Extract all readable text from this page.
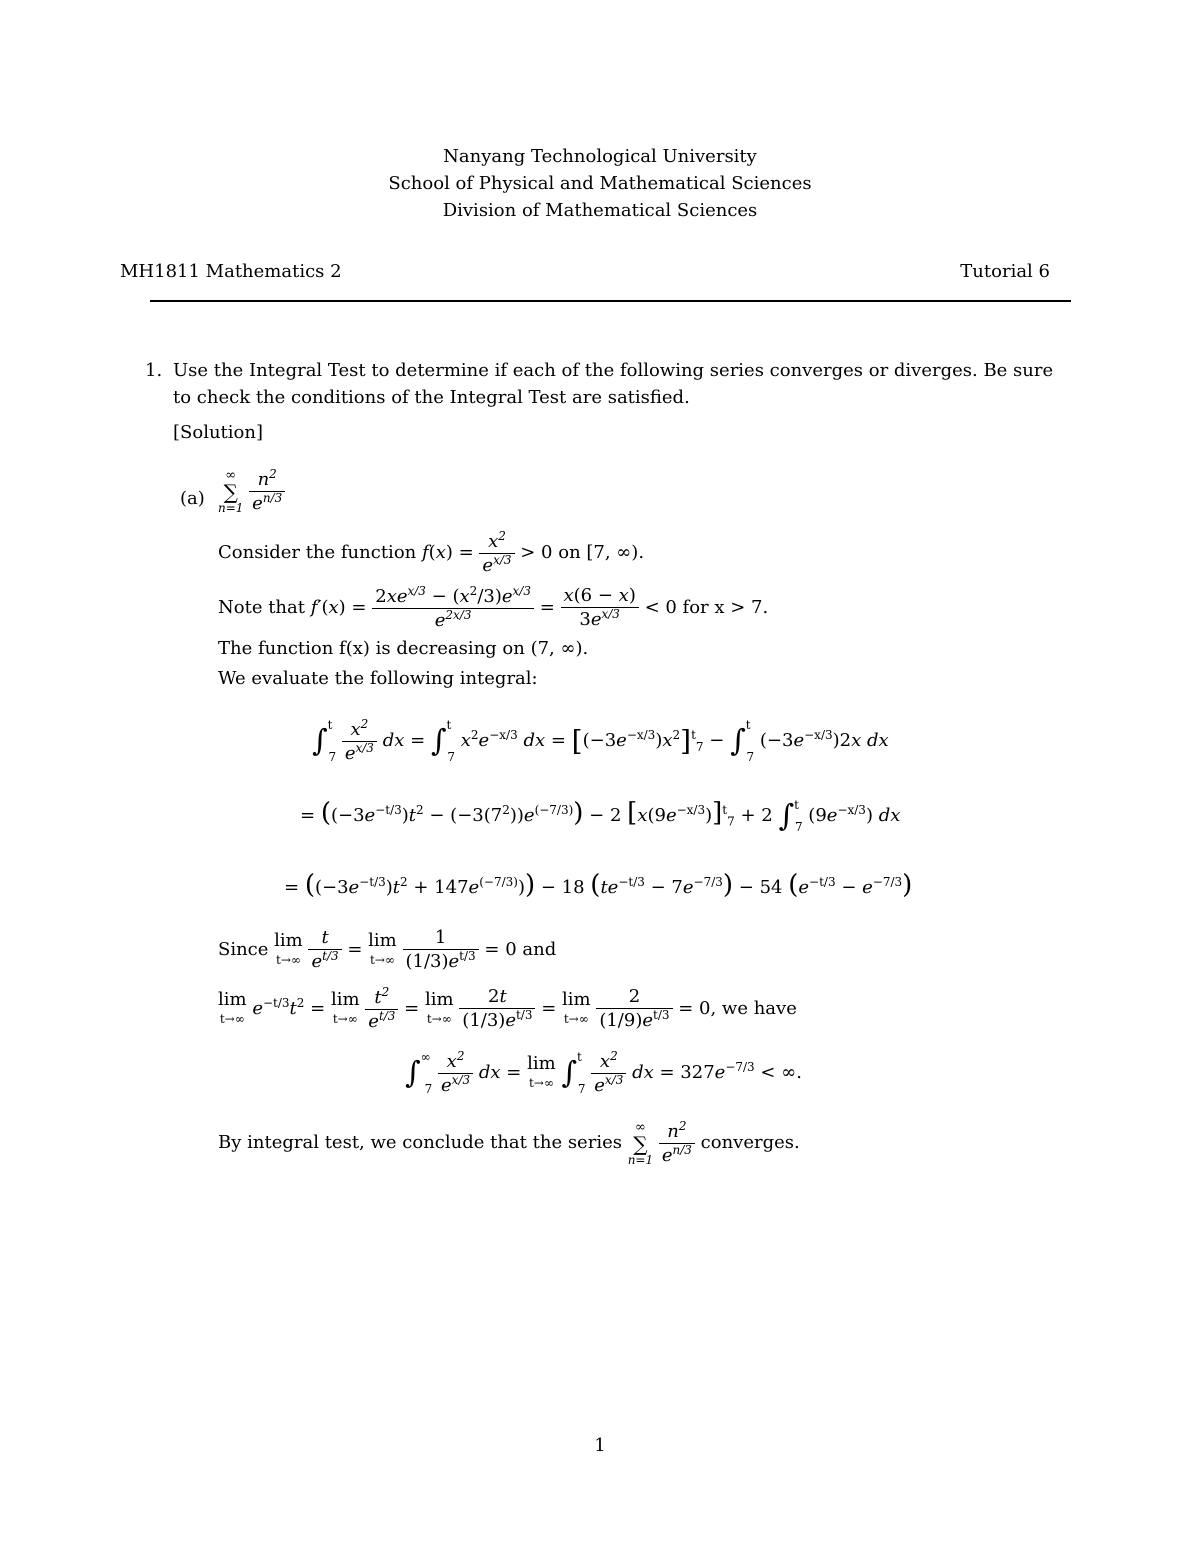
Nanyang Technological University
School of Physical and Mathematical Sciences
Division of Mathematical Sciences
MH1811 Mathematics 2	Tutorial 6
1. Use the Integral Test to determine if each of the following series converges or diverges. Be sure
to check the conditions of the Integral Test are satisfied.
[Solution]
(a)
∞
∑
n=1
$\frac{n^2}{e^{n/3}}$
Consider the function $f(x) = \frac{x^2}{e^{x/3}} > 0$ on [7, ∞).
Note that $f'(x) = \frac{2xe^{x/3} - (x^2/3)e^{x/3}}{e^{2x/3}} = \frac{x(6 - x)}{3e^{x/3}} < 0$ for x > 7.
The function f(x) is decreasing on (7, ∞).
We evaluate the following integral:
$\int^t7 \frac{x^2}{e^{x/3}}$ dx = ∫$^t$7 $x^2e^{-x/3}$ dx = $[(-3e^{-x/3})x^2]^t_7 - \int^t7$ $(-3e^{-x/3})2x$ dx
= $((-3e^{-t/3})t^2 - (-3(7^2))e^{(-7/3)}) - 2$ $[x(9e^{-x/3})]^t_7 + 2$ ∫$^t$7 $(9e^{-x/3})$ dx
= $((-3e^{-t/3})t^2 + 147e^{(-7/3)})) - 18$ $(te^{-t/3} - 7e^{-7/3}) - 54$ $(e^{-t/3} - e^{-7/3})$
Since lim
$t\to\infty \frac{t}{e^{t/3}} = \lim$
$t\to\infty \frac{1}{(1/3)e^{t/3}} = 0$ and
lim
t→∞ $e^{-t/3}t^2 = \lim$
$t\to\infty \frac{t^2}{e^{t/3}} = \lim$
$t\to\infty \frac{2t}{(1/3)e^{t/3}} = \lim$
$t\to\infty \frac{2}{(1/9)e^{t/3}} = 0$, we have
$\int^\infty 7 \frac{x^2}{e^{x/3}}$ dx = lim
t→∞ $\int^t7 \frac{x^2}{e^{x/3}}$ dx = $327e^{-7/3}$ < ∞.
By integral test, we conclude that the series
∞
∑
n=1
$\frac{n^2}{e^{n/3}}$ converges.
1
